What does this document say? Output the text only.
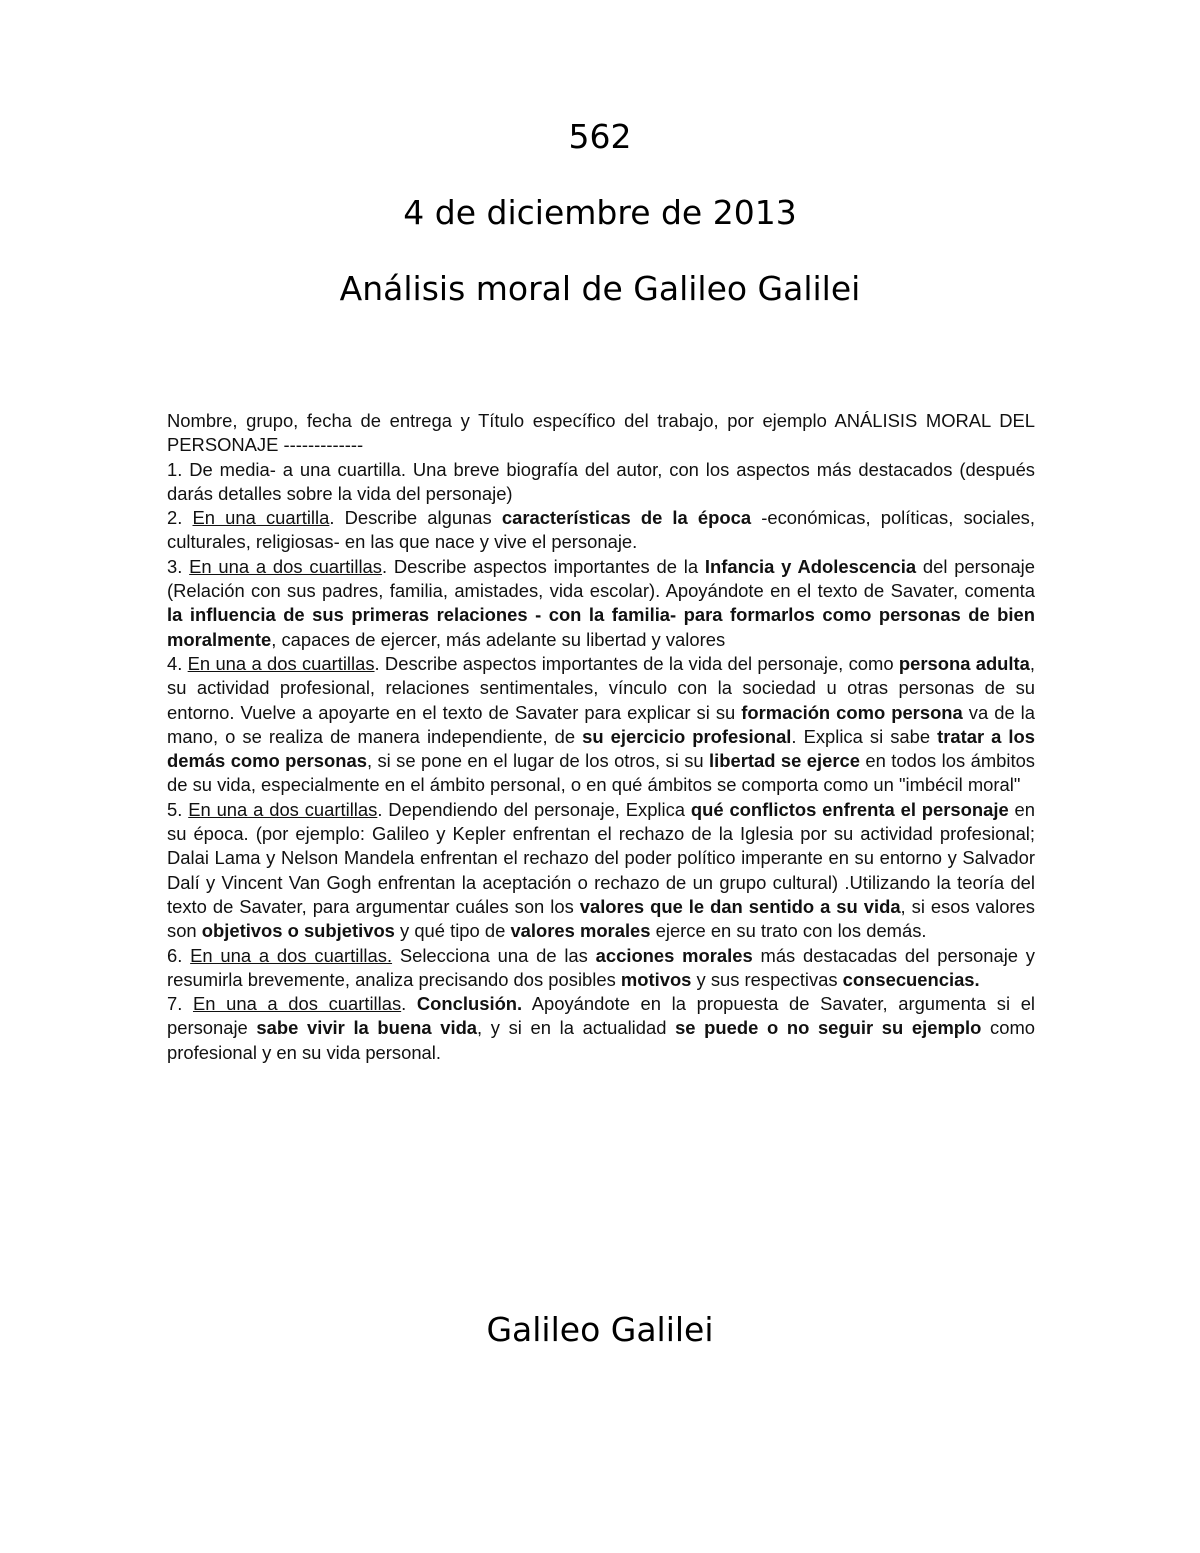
562
4 de diciembre de 2013
Análisis moral de Galileo Galilei

Nombre, grupo, fecha de entrega y Título específico del trabajo, por ejemplo ANÁLISIS MORAL DEL PERSONAJE -------------

1. De media- a una cuartilla. Una breve biografía del autor, con los aspectos más destacados (después darás detalles sobre la vida del personaje)

2. En una cuartilla. Describe algunas características de la época -económicas, políticas, sociales, culturales, religiosas- en las que nace y vive el personaje.

3. En una a dos cuartillas. Describe aspectos importantes de la Infancia y Adolescencia del personaje (Relación con sus padres, familia, amistades, vida escolar). Apoyándote en el texto de Savater, comenta la influencia de sus primeras relaciones - con la familia- para formarlos como personas de bien moralmente, capaces de ejercer, más adelante su libertad y valores

4. En una a dos cuartillas. Describe aspectos importantes de la vida del personaje, como persona adulta, su actividad profesional, relaciones sentimentales, vínculo con la sociedad u otras personas de su entorno. Vuelve a apoyarte en el texto de Savater para explicar si su formación como persona va de la mano, o se realiza de manera independiente, de su ejercicio profesional. Explica si sabe tratar a los demás como personas, si se pone en el lugar de los otros, si su libertad se ejerce en todos los ámbitos de su vida, especialmente en el ámbito personal, o en qué ámbitos se comporta como un "imbécil moral"

5. En una a dos cuartillas. Dependiendo del personaje, Explica qué conflictos enfrenta el personaje en su época. (por ejemplo: Galileo y Kepler enfrentan el rechazo de la Iglesia por su actividad profesional; Dalai Lama y Nelson Mandela enfrentan el rechazo del poder político imperante en su entorno y Salvador Dalí y Vincent Van Gogh enfrentan la aceptación o rechazo de un grupo cultural) .Utilizando la teoría del texto de Savater, para argumentar cuáles son los valores que le dan sentido a su vida, si esos valores son objetivos o subjetivos y qué tipo de valores morales ejerce en su trato con los demás.

6. En una a dos cuartillas. Selecciona una de las acciones morales más destacadas del personaje y resumirla brevemente, analiza precisando dos posibles motivos y sus respectivas consecuencias.

7. En una a dos cuartillas. Conclusión. Apoyándote en la propuesta de Savater, argumenta si el personaje sabe vivir la buena vida, y si en la actualidad se puede o no seguir su ejemplo como profesional y en su vida personal.

Galileo Galilei
